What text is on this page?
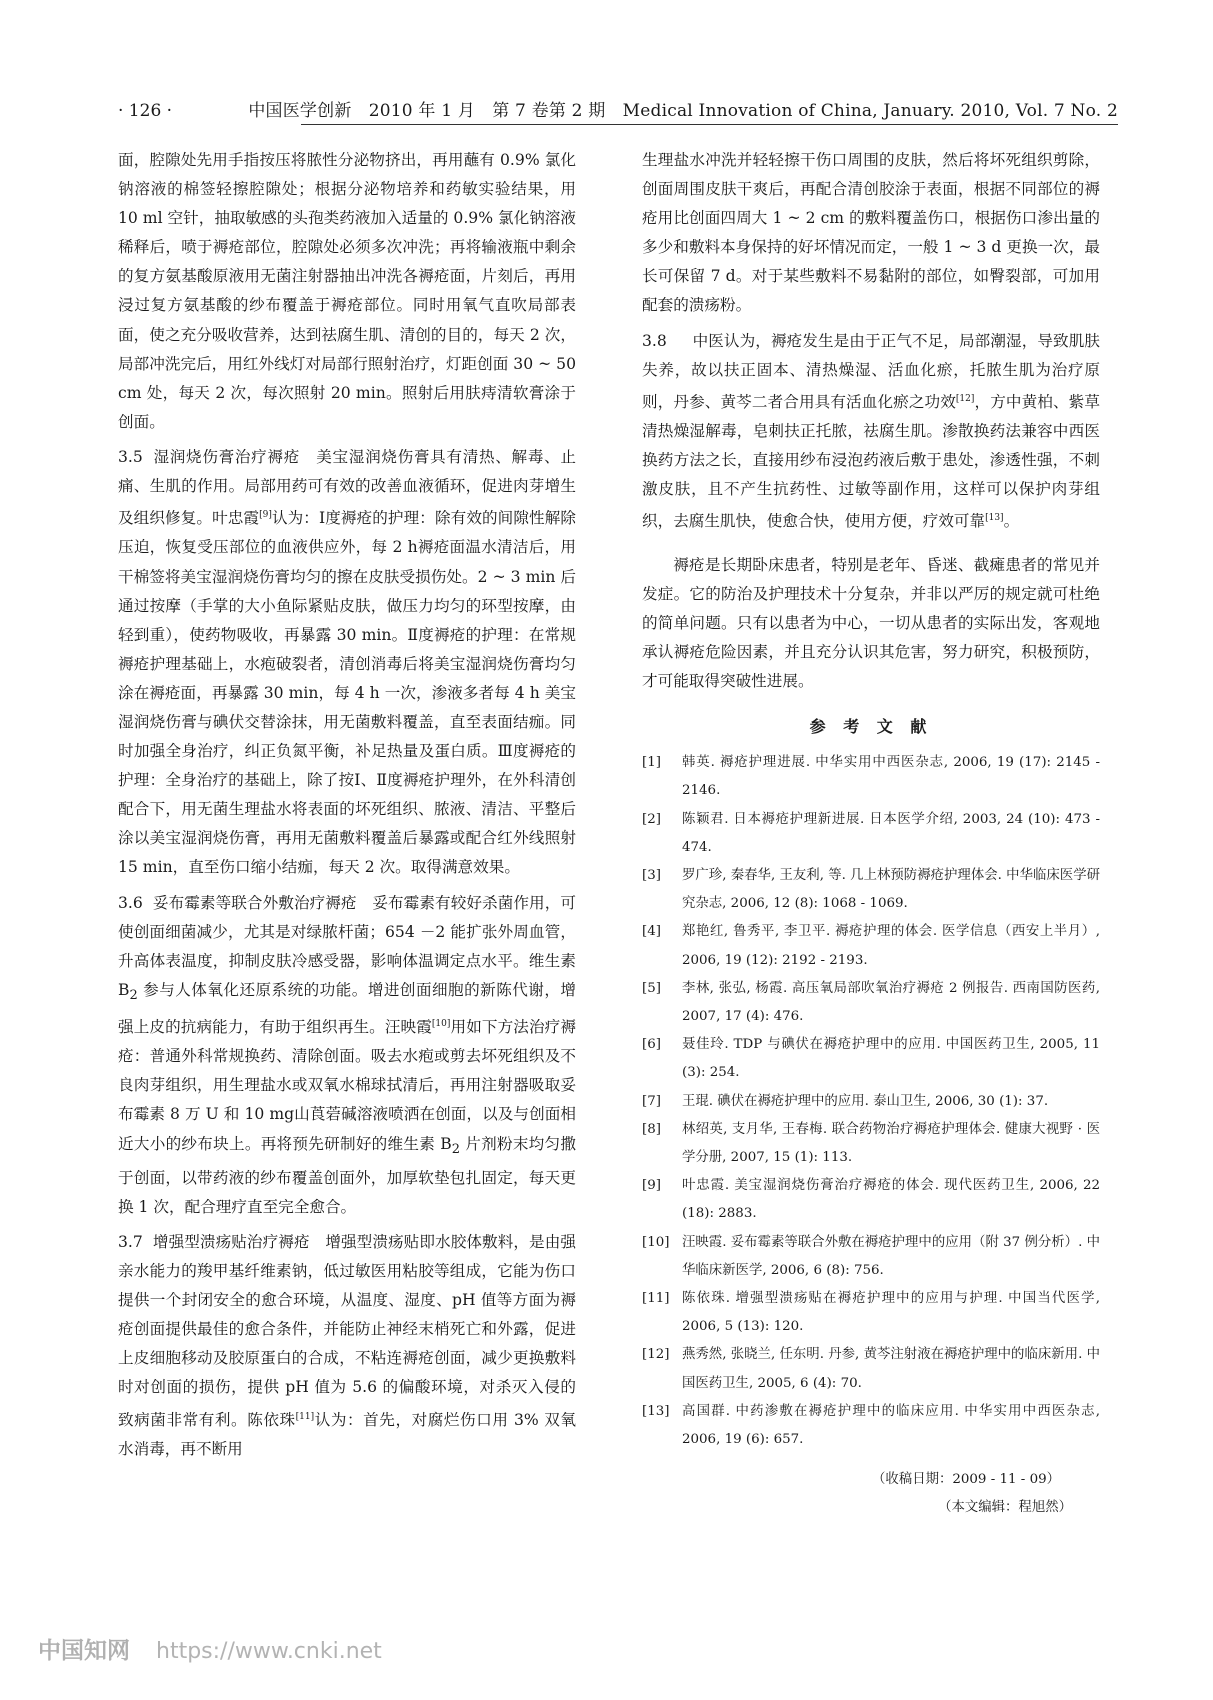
· 126 ·	中国医学创新　2010 年 1 月　第 7 卷第 2 期　Medical Innovation of China, January. 2010, Vol. 7 No. 2

面，腔隙处先用手指按压将脓性分泌物挤出，再用蘸有 0.9% 氯化钠溶液的棉签轻擦腔隙处；根据分泌物培养和药敏实验结果，用 10 ml 空针，抽取敏感的头孢类药液加入适量的 0.9% 氯化钠溶液稀释后，喷于褥疮部位，腔隙处必须多次冲洗；再将输液瓶中剩余的复方氨基酸原液用无菌注射器抽出冲洗各褥疮面，片刻后，再用浸过复方氨基酸的纱布覆盖于褥疮部位。同时用氧气直吹局部表面，使之充分吸收营养，达到祛腐生肌、清创的目的，每天 2 次，局部冲洗完后，用红外线灯对局部行照射治疗，灯距创面 30 ~ 50 cm 处，每天 2 次，每次照射 20 min。照射后用肤痔清软膏涂于创面。

3.5 湿润烧伤膏治疗褥疮　 美宝湿润烧伤膏具有清热、解毒、止痛、生肌的作用。局部用药可有效的改善血液循环，促进肉芽增生及组织修复。叶忠霞[9]认为：Ⅰ度褥疮的护理：除有效的间隙性解除压迫，恢复受压部位的血液供应外，每 2 h褥疮面温水清洁后，用干棉签将美宝湿润烧伤膏均匀的擦在皮肤受损伤处。2 ~ 3 min 后通过按摩（手掌的大小鱼际紧贴皮肤，做压力均匀的环型按摩，由轻到重），使药物吸收，再暴露 30 min。Ⅱ度褥疮的护理：在常规褥疮护理基础上，水疱破裂者，清创消毒后将美宝湿润烧伤膏均匀涂在褥疮面，再暴露 30 min，每 4 h 一次，渗液多者每 4 h 美宝湿润烧伤膏与碘伏交替涂抹，用无菌敷料覆盖，直至表面结痂。同时加强全身治疗，纠正负氮平衡，补足热量及蛋白质。Ⅲ度褥疮的护理：全身治疗的基础上，除了按Ⅰ、Ⅱ度褥疮护理外，在外科清创配合下，用无菌生理盐水将表面的坏死组织、脓液、清洁、平整后涂以美宝湿润烧伤膏，再用无菌敷料覆盖后暴露或配合红外线照射 15 min，直至伤口缩小结痂，每天 2 次。取得满意效果。

3.6 妥布霉素等联合外敷治疗褥疮　 妥布霉素有较好杀菌作用，可使创面细菌减少，尤其是对绿脓杆菌；654 －2 能扩张外周血管，升高体表温度，抑制皮肤冷感受器，影响体温调定点水平。维生素 $B_2$ 参与人体氧化还原系统的功能。增进创面细胞的新陈代谢，增强上皮的抗病能力，有助于组织再生。汪映霞[10]用如下方法治疗褥疮：普通外科常规换药、清除创面。吸去水疱或剪去坏死组织及不良肉芽组织，用生理盐水或双氧水棉球拭清后，再用注射器吸取妥布霉素 8 万 U 和 10 mg山莨菪碱溶液喷洒在创面，以及与创面相近大小的纱布块上。再将预先研制好的维生素 $B_2$ 片剂粉末均匀撒于创面，以带药液的纱布覆盖创面外，加厚软垫包扎固定，每天更换 1 次，配合理疗直至完全愈合。

3.7 增强型溃疡贴治疗褥疮　 增强型溃疡贴即水胶体敷料，是由强亲水能力的羧甲基纤维素钠，低过敏医用粘胶等组成，它能为伤口提供一个封闭安全的愈合环境，从温度、湿度、pH 值等方面为褥疮创面提供最佳的愈合条件，并能防止神经末梢死亡和外露，促进上皮细胞移动及胶原蛋白的合成，不粘连褥疮创面，减少更换敷料时对创面的损伤，提供 pH 值为 5.6 的偏酸环境，对杀灭入侵的致病菌非常有利。陈依珠[11]认为：首先，对腐烂伤口用 3% 双氧水消毒，再不断用

生理盐水冲洗并轻轻擦干伤口周围的皮肤，然后将坏死组织剪除，创面周围皮肤干爽后，再配合清创胶涂于表面，根据不同部位的褥疮用比创面四周大 1 ~ 2 cm 的敷料覆盖伤口，根据伤口渗出量的多少和敷料本身保持的好坏情况而定，一般 1 ~ 3 d 更换一次，最长可保留 7 d。对于某些敷料不易黏附的部位，如臀裂部，可加用配套的溃疡粉。

3.8　 中医认为，褥疮发生是由于正气不足，局部潮湿，导致肌肤失养，故以扶正固本、清热燥湿、活血化瘀，托脓生肌为治疗原则，丹参、黄芩二者合用具有活血化瘀之功效[12]，方中黄柏、紫草清热燥湿解毒，皂刺扶正托脓，祛腐生肌。渗散换药法兼容中西医换药方法之长，直接用纱布浸泡药液后敷于患处，渗透性强，不刺激皮肤，且不产生抗药性、过敏等副作用，这样可以保护肉芽组织，去腐生肌快，使愈合快，使用方便，疗效可靠[13]。

褥疮是长期卧床患者，特别是老年、昏迷、截瘫患者的常见并发症。它的防治及护理技术十分复杂，并非以严厉的规定就可杜绝的简单问题。只有以患者为中心，一切从患者的实际出发，客观地承认褥疮危险因素，并且充分认识其危害，努力研究，积极预防，才可能取得突破性进展。

参 考 文 献

[1] 韩英. 褥疮护理进展. 中华实用中西医杂志, 2006, 19 (17): 2145 - 2146.

[2] 陈颖君. 日本褥疮护理新进展. 日本医学介绍, 2003, 24 (10): 473 - 474.

[3] 罗广珍, 秦春华, 王友利, 等. 几上林预防褥疮护理体会. 中华临床医学研究杂志, 2006, 12 (8): 1068 - 1069.

[4] 郑艳红, 鲁秀平, 李卫平. 褥疮护理的体会. 医学信息（西安上半月）, 2006, 19 (12): 2192 - 2193.

[5] 李林, 张弘, 杨霞. 高压氧局部吹氧治疗褥疮 2 例报告. 西南国防医药, 2007, 17 (4): 476.

[6] 聂佳玲. TDP 与碘伏在褥疮护理中的应用. 中国医药卫生, 2005, 11 (3): 254.

[7] 王琨. 碘伏在褥疮护理中的应用. 泰山卫生, 2006, 30 (1): 37.

[8] 林绍英, 支月华, 王春梅. 联合药物治疗褥疮护理体会. 健康大视野 · 医学分册, 2007, 15 (1): 113.

[9] 叶忠霞. 美宝湿润烧伤膏治疗褥疮的体会. 现代医药卫生, 2006, 22 (18): 2883.

[10] 汪映霞. 妥布霉素等联合外敷在褥疮护理中的应用（附 37 例分析）. 中华临床新医学, 2006, 6 (8): 756.

[11] 陈依珠. 增强型溃疡贴在褥疮护理中的应用与护理. 中国当代医学, 2006, 5 (13): 120.

[12] 燕秀然, 张晓兰, 任东明. 丹参, 黄芩注射液在褥疮护理中的临床新用. 中国医药卫生, 2005, 6 (4): 70.

[13] 高国群. 中药渗敷在褥疮护理中的临床应用. 中华实用中西医杂志, 2006, 19 (6): 657.

（收稿日期：2009 - 11 - 09）
（本文编辑：程旭然）
中国知网 https://www.cnki.net
